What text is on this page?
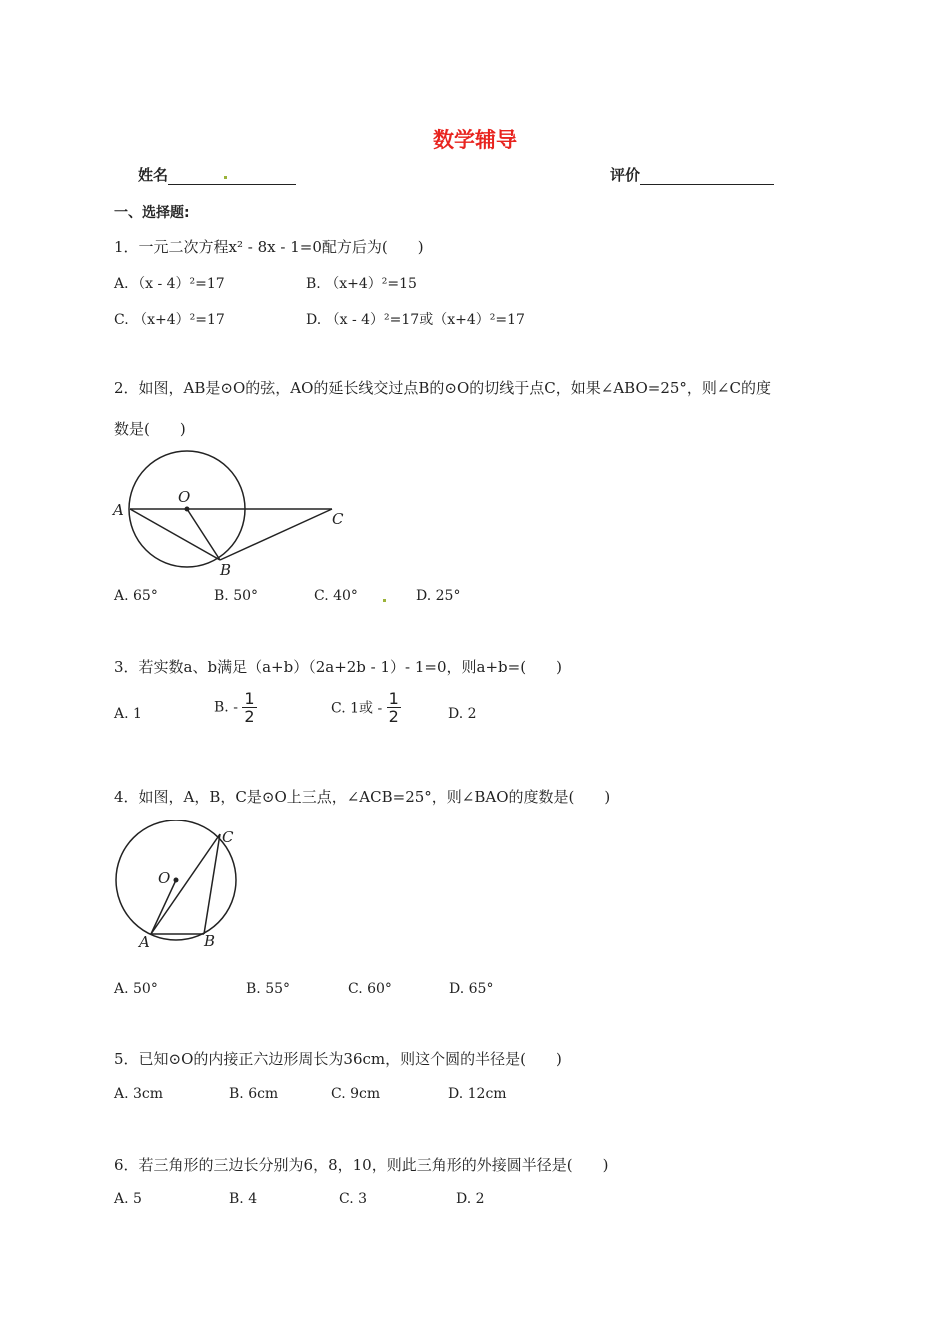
数学辅导
姓名	评价
一、选择题:
1．一元二次方程x² - 8x - 1=0配方后为(　　)
A．（x - 4）²=17	B. （x+4）²=15
C. （x+4）²=17	D. （x - 4）²=17或（x+4）²=17
2．如图，AB是⊙O的弦，AO的延长线交过点B的⊙O的切线于点C，如果∠ABO=25°，则∠C的度
数是(　　)
A
O
B
C
A. 65°	B. 50°	C. 40°	D. 25°
3．若实数a、b满足（a+b）（2a+2b - 1）- 1=0，则a+b=(　　)
A. 1	B. - $\frac{1}{2}$	C. 1或 - $\frac{1}{2}$	D. 2
4．如图，A，B，C是⊙O上三点，∠ACB=25°，则∠BAO的度数是(　　)
O
A	B
C
A. 50°	B. 55°	C. 60°	D. 65°
5．已知⊙O的内接正六边形周长为36cm，则这个圆的半径是(　　)
A. 3cm	B. 6cm	C. 9cm	D. 12cm
6．若三角形的三边长分别为6，8，10，则此三角形的外接圆半径是(　　)
A. 5	B. 4	C. 3	D. 2
